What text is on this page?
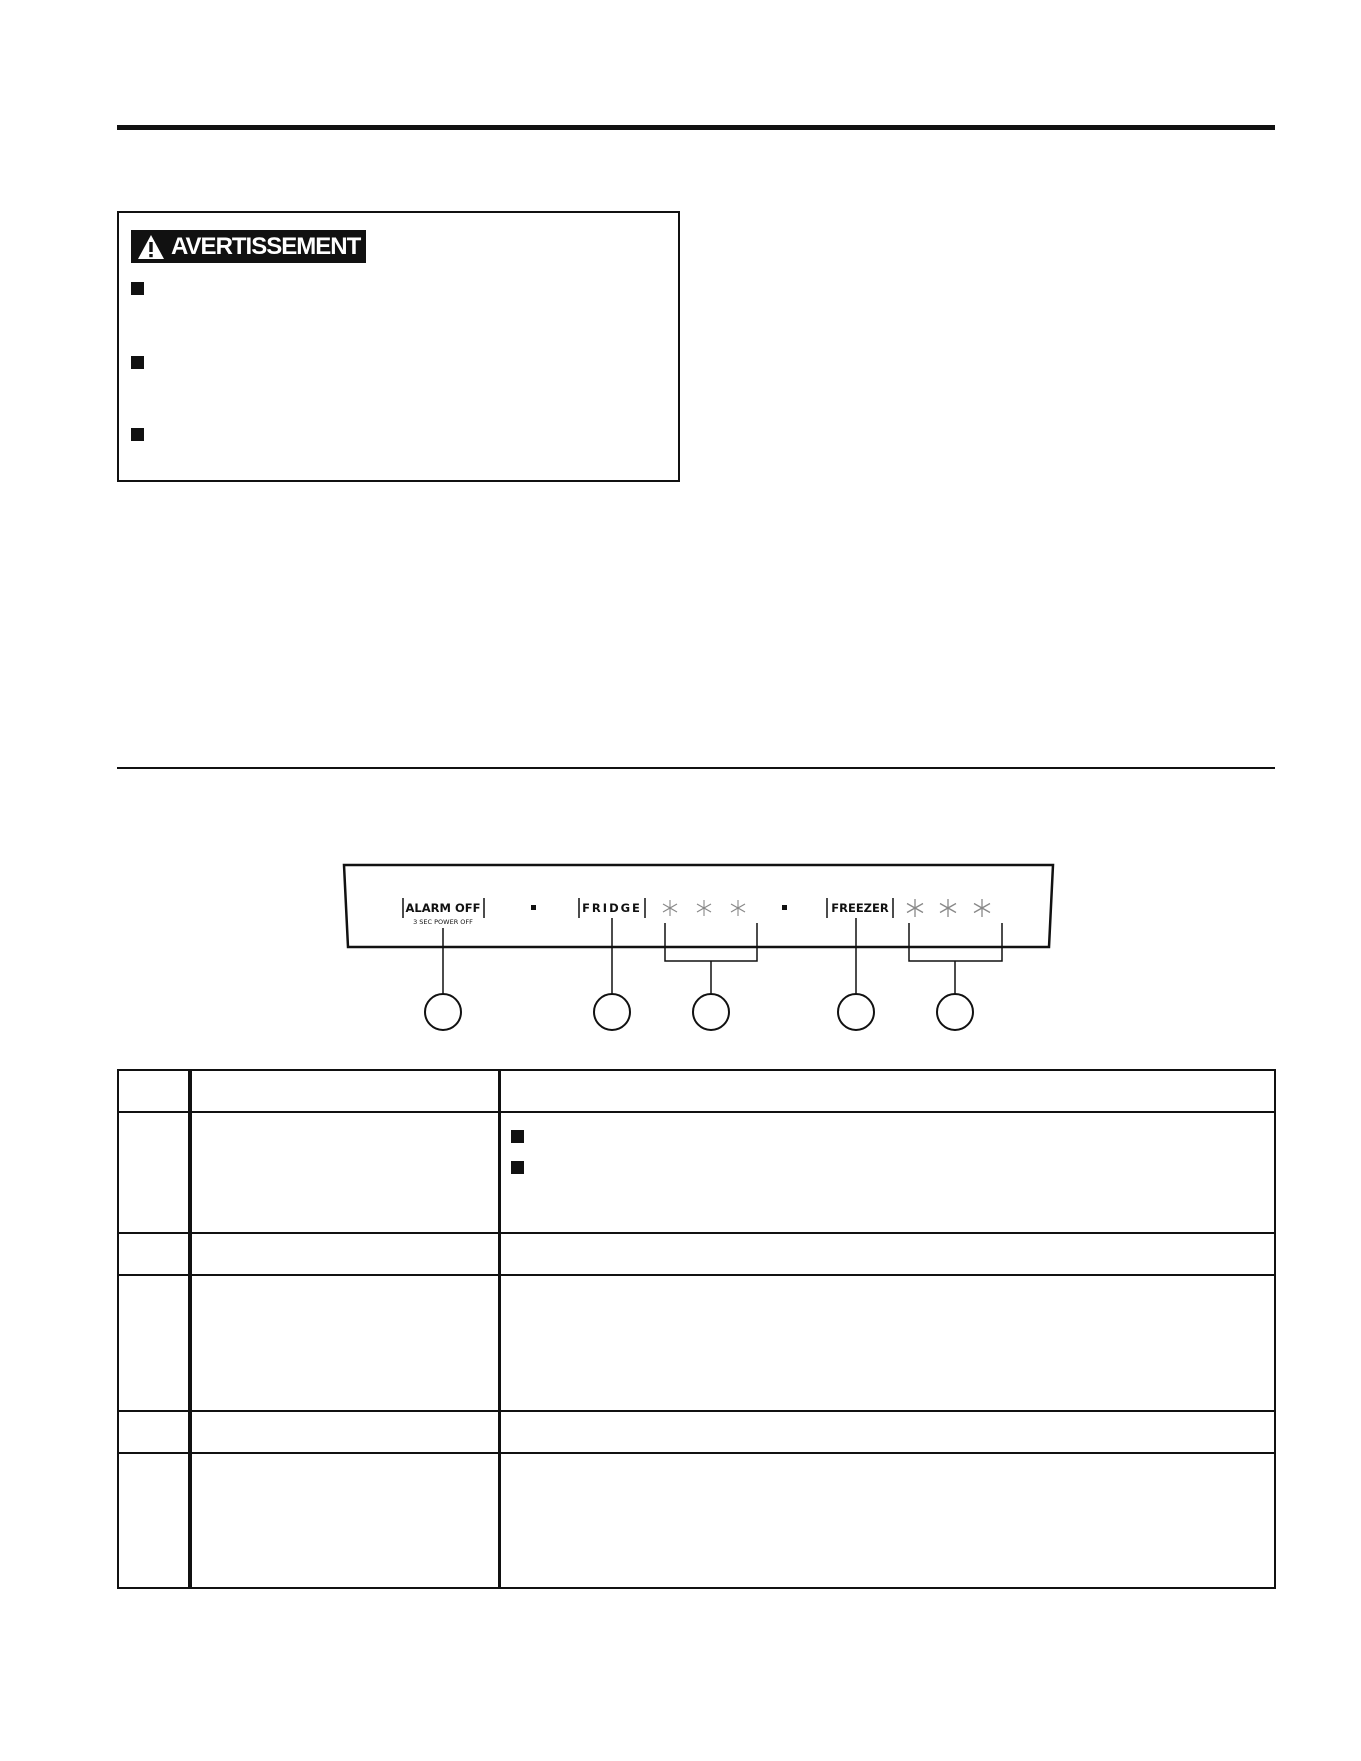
AVERTISSEMENT
ALARM OFF
3 SEC POWER OFF
FRIDGE	FREEZER
